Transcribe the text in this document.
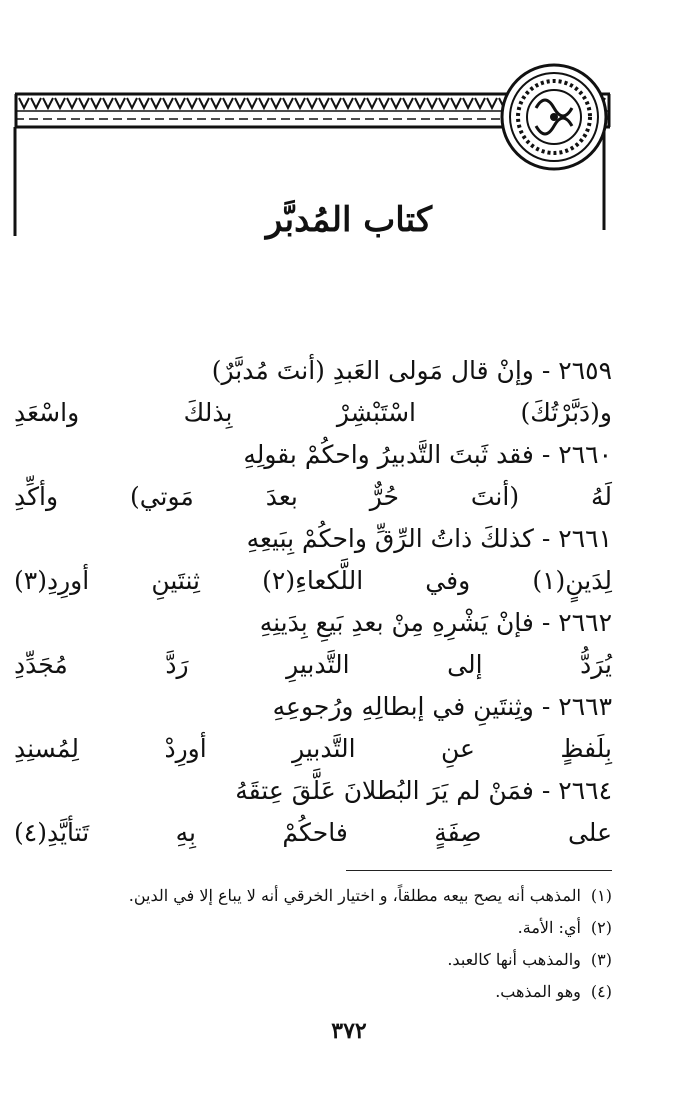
كتاب المُدبَّر
٢٦٥٩- وإنْ قال مَولى العَبدِ (أنتَ مُدبَّرٌ)
و(دَبَّرْتُكَ) اسْتَبْشِرْ بِذلكَ واسْعَدِ
٢٦٦٠- فقد ثَبتَ التَّدبيرُ واحكُمْ بقولِهِ
لَهُ (أنتَ حُرٌّ بعدَ مَوتي) وأكِّدِ
٢٦٦١- كذلكَ ذاتُ الرِّقِّ واحكُمْ بِبَيعِهِ
لِدَينٍ(١) وفي اللَّكعاءِ(٢) ثِنتَينِ أورِدِ(٣)
٢٦٦٢- فإنْ يَشْرِهِ مِنْ بعدِ بَيعِ بِدَينِهِ
يُرَدُّ إلى التَّدبيرِ رَدَّ مُجَدِّدِ
٢٦٦٣- وثِنتَينِ في إبطالِهِ ورُجوعِهِ
بِلَفظٍ عنِ التَّدبيرِ أورِدْ لِمُسنِدِ
٢٦٦٤- فمَنْ لم يَرَ البُطلانَ عَلَّقَ عِتقَهُ
على صِفَةٍ فاحكُمْ بِهِ تَتأيَّدِ(٤)
(١)المذهب أنه يصح بيعه مطلقاً، و اختيار الخرقي أنه لا يباع إلا في الدين.
(٢)أي: الأمة.
(٣)والمذهب أنها كالعبد.
(٤)وهو المذهب.
٣٧٢
